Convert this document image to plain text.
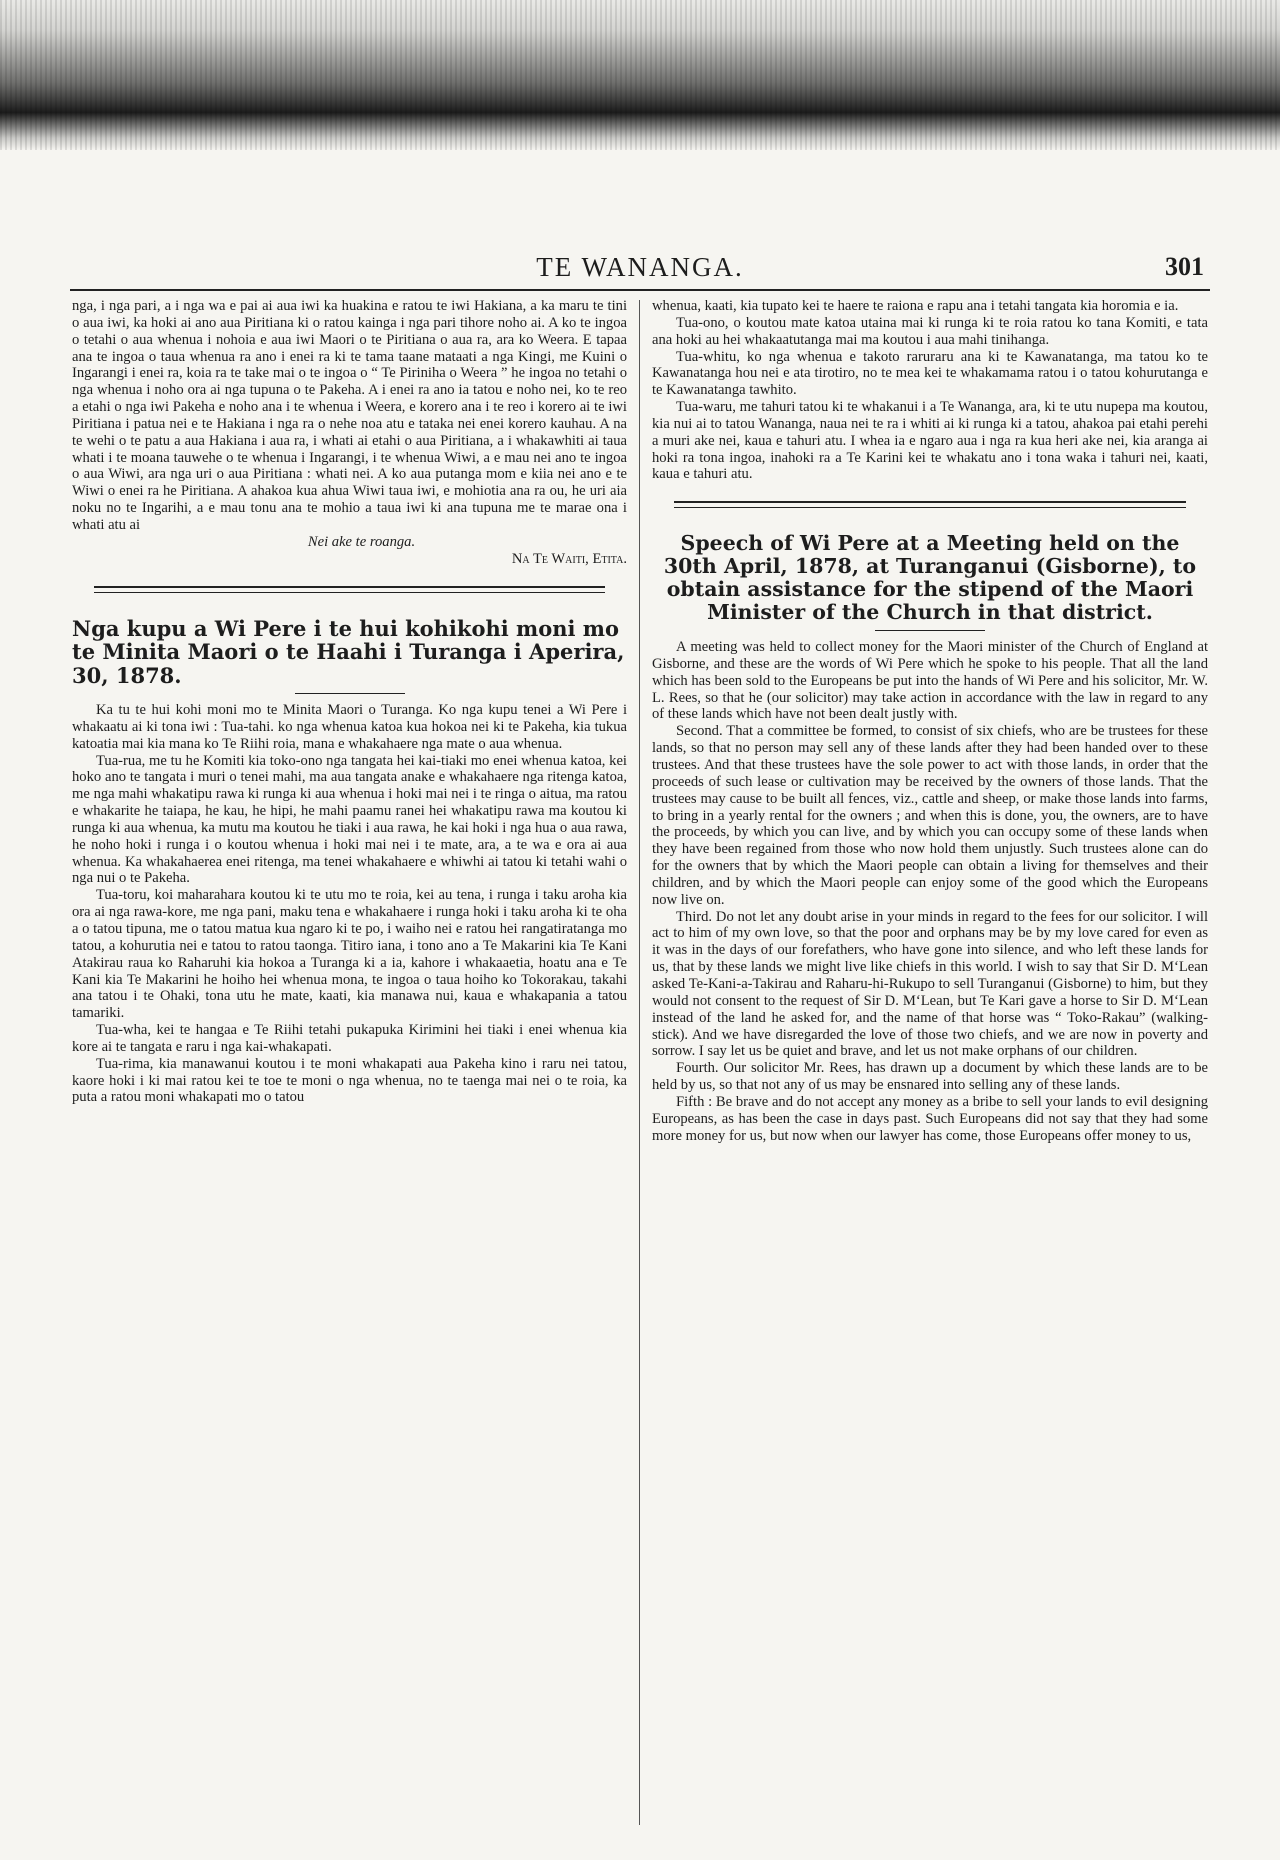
TE WANANGA.	301

nga, i nga pari, a i nga wa e pai ai aua iwi ka huakina e ratou te iwi Hakiana, a ka maru te tini o aua iwi, ka hoki ai ano aua Piritiana ki o ratou kainga i nga pari tihore noho ai. A ko te ingoa o tetahi o aua whenua i nohoia e aua iwi Maori o te Piritiana o aua ra, ara ko Weera. E tapaa ana te ingoa o taua whenua ra ano i enei ra ki te tama taane mataati a nga Kingi, me Kuini o Ingarangi i enei ra, koia ra te take mai o te ingoa o “ Te Piriniha o Weera ” he ingoa no tetahi o nga whenua i noho ora ai nga tupuna o te Pakeha. A i enei ra ano ia tatou e noho nei, ko te reo a etahi o nga iwi Pakeha e noho ana i te whenua i Weera, e korero ana i te reo i korero ai te iwi Piritiana i patua nei e te Hakiana i nga ra o nehe noa atu e tataka nei enei korero kauhau. A na te wehi o te patu a aua Hakiana i aua ra, i whati ai etahi o aua Piritiana, a i whakawhiti ai taua whati i te moana tauwehe o te whenua i Ingarangi, i te whenua Wiwi, a e mau nei ano te ingoa o aua Wiwi, ara nga uri o aua Piritiana : whati nei. A ko aua putanga mom e kiia nei ano e te Wiwi o enei ra he Piritiana. A ahakoa kua ahua Wiwi taua iwi, e mohiotia ana ra ou, he uri aia noku no te Ingarihi, a e mau tonu ana te mohio a taua iwi ki ana tupuna me te marae ona i whati atu ai

Nei ake te roanga.

Na Te Waiti, Etita.

Nga kupu a Wi Pere i te hui kohikohi moni mo te Minita Maori o te Haahi i Turanga i Aperira, 30, 1878.

Ka tu te hui kohi moni mo te Minita Maori o Turanga. Ko nga kupu tenei a Wi Pere i whakaatu ai ki tona iwi : Tua-tahi. ko nga whenua katoa kua hokoa nei ki te Pakeha, kia tukua katoatia mai kia mana ko Te Riihi roia, mana e whakahaere nga mate o aua whenua.

Tua-rua, me tu he Komiti kia toko-ono nga tangata hei kai-tiaki mo enei whenua katoa, kei hoko ano te tangata i muri o tenei mahi, ma aua tangata anake e whakahaere nga ritenga katoa, me nga mahi whakatipu rawa ki runga ki aua whenua i hoki mai nei i te ringa o aitua, ma ratou e whakarite he taiapa, he kau, he hipi, he mahi paamu ranei hei whakatipu rawa ma koutou ki runga ki aua whenua, ka mutu ma koutou he tiaki i aua rawa, he kai hoki i nga hua o aua rawa, he noho hoki i runga i o koutou whenua i hoki mai nei i te mate, ara, a te wa e ora ai aua whenua. Ka whakahaerea enei ritenga, ma tenei whakahaere e whiwhi ai tatou ki tetahi wahi o nga nui o te Pakeha.

Tua-toru, koi maharahara koutou ki te utu mo te roia, kei au tena, i runga i taku aroha kia ora ai nga rawa-kore, me nga pani, maku tena e whakahaere i runga hoki i taku aroha ki te oha a o tatou tipuna, me o tatou matua kua ngaro ki te po, i waiho nei e ratou hei rangatiratanga mo tatou, a kohurutia nei e tatou to ratou taonga. Titiro iana, i tono ano a Te Makarini kia Te Kani Atakirau raua ko Raharuhi kia hokoa a Turanga ki a ia, kahore i whakaaetia, hoatu ana e Te Kani kia Te Makarini he hoiho hei whenua mona, te ingoa o taua hoiho ko Tokorakau, takahi ana tatou i te Ohaki, tona utu he mate, kaati, kia manawa nui, kaua e whakapania a tatou tamariki.

Tua-wha, kei te hangaa e Te Riihi tetahi pukapuka Kirimini hei tiaki i enei whenua kia kore ai te tangata e raru i nga kai-whakapati.

Tua-rima, kia manawanui koutou i te moni whakapati aua Pakeha kino i raru nei tatou, kaore hoki i ki mai ratou kei te toe te moni o nga whenua, no te taenga mai nei o te roia, ka puta a ratou moni whakapati mo o tatou

whenua, kaati, kia tupato kei te haere te raiona e rapu ana i tetahi tangata kia horomia e ia.

Tua-ono, o koutou mate katoa utaina mai ki runga ki te roia ratou ko tana Komiti, e tata ana hoki au hei whakaatutanga mai ma koutou i aua mahi tinihanga.

Tua-whitu, ko nga whenua e takoto raruraru ana ki te Kawanatanga, ma tatou ko te Kawanatanga hou nei e ata tirotiro, no te mea kei te whakamama ratou i o tatou kohurutanga e te Kawanatanga tawhito.

Tua-waru, me tahuri tatou ki te whakanui i a Te Wananga, ara, ki te utu nupepa ma koutou, kia nui ai to tatou Wananga, naua nei te ra i whiti ai ki runga ki a tatou, ahakoa pai etahi perehi a muri ake nei, kaua e tahuri atu. I whea ia e ngaro aua i nga ra kua heri ake nei, kia aranga ai hoki ra tona ingoa, inahoki ra a Te Karini kei te whakatu ano i tona waka i tahuri nei, kaati, kaua e tahuri atu.

Speech of Wi Pere at a Meeting held on the 30th April, 1878, at Turanganui (Gisborne), to obtain assistance for the stipend of the Maori Minister of the Church in that district.

A meeting was held to collect money for the Maori minister of the Church of England at Gisborne, and these are the words of Wi Pere which he spoke to his people. That all the land which has been sold to the Europeans be put into the hands of Wi Pere and his solicitor, Mr. W. L. Rees, so that he (our solicitor) may take action in accordance with the law in regard to any of these lands which have not been dealt justly with.

Second. That a committee be formed, to consist of six chiefs, who are be trustees for these lands, so that no person may sell any of these lands after they had been handed over to these trustees. And that these trustees have the sole power to act with those lands, in order that the proceeds of such lease or cultivation may be received by the owners of those lands. That the trustees may cause to be built all fences, viz., cattle and sheep, or make those lands into farms, to bring in a yearly rental for the owners ; and when this is done, you, the owners, are to have the proceeds, by which you can live, and by which you can occupy some of these lands when they have been regained from those who now hold them unjustly. Such trustees alone can do for the owners that by which the Maori people can obtain a living for themselves and their children, and by which the Maori people can enjoy some of the good which the Europeans now live on.

Third. Do not let any doubt arise in your minds in regard to the fees for our solicitor. I will act to him of my own love, so that the poor and orphans may be by my love cared for even as it was in the days of our forefathers, who have gone into silence, and who left these lands for us, that by these lands we might live like chiefs in this world. I wish to say that Sir D. M‘Lean asked Te-Kani-a-Takirau and Raharu-hi-Rukupo to sell Turanganui (Gisborne) to him, but they would not consent to the request of Sir D. M‘Lean, but Te Kari gave a horse to Sir D. M‘Lean instead of the land he asked for, and the name of that horse was “ Toko-Rakau” (walking-stick). And we have disregarded the love of those two chiefs, and we are now in poverty and sorrow. I say let us be quiet and brave, and let us not make orphans of our children.

Fourth. Our solicitor Mr. Rees, has drawn up a document by which these lands are to be held by us, so that not any of us may be ensnared into selling any of these lands.

Fifth : Be brave and do not accept any money as a bribe to sell your lands to evil designing Europeans, as has been the case in days past. Such Europeans did not say that they had some more money for us, but now when our lawyer has come, those Europeans offer money to us,
